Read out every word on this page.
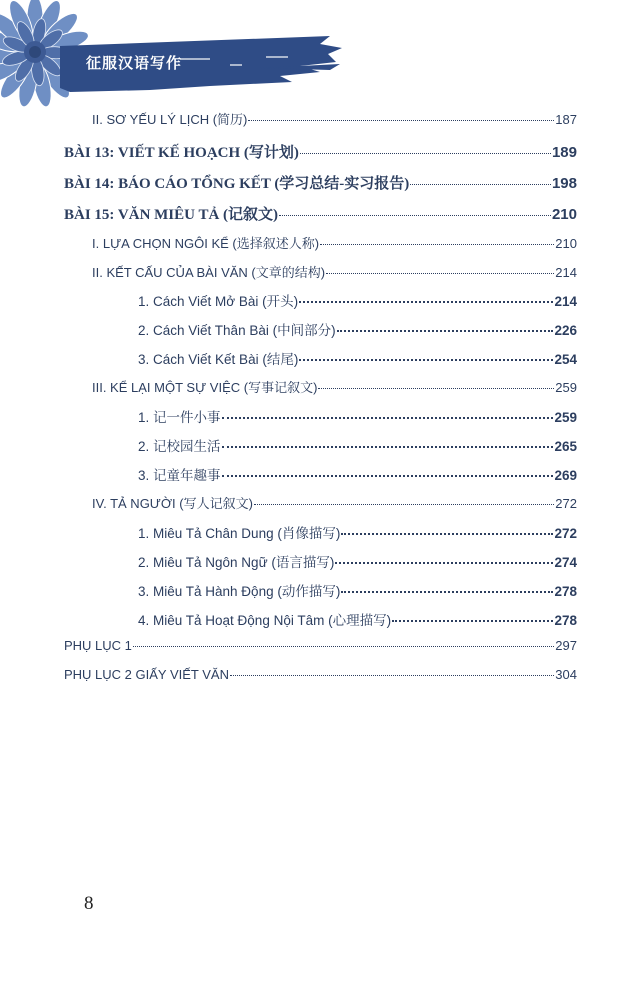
征服汉语写作
II. SƠ YẾU LÝ LỊCH (简历)	187
BÀI 13: VIẾT KẾ HOẠCH (写计划)	189
BÀI 14: BÁO CÁO TỔNG KẾT (学习总结-实习报告)	198
BÀI 15: VĂN MIÊU TẢ (记叙文)	210
I. LỰA CHỌN NGÔI KỂ (选择叙述人称)	210
II. KẾT CẤU CỦA BÀI VĂN (文章的结构)	214
1. Cách Viết Mở Bài (开头)	214
2. Cách Viết Thân Bài (中间部分)	226
3. Cách Viết Kết Bài (结尾)	254
III. KỂ LẠI MỘT SỰ VIỆC (写事记叙文)	259
1. 记一件小事	259
2. 记校园生活	265
3. 记童年趣事	269
IV. TẢ NGƯỜI (写人记叙文)	272
1. Miêu Tả Chân Dung (肖像描写)	272
2. Miêu Tả Ngôn Ngữ (语言描写)	274
3. Miêu Tả Hành Động (动作描写)	278
4. Miêu Tả Hoạt Động Nội Tâm (心理描写)	278
PHỤ LỤC 1	297
PHỤ LỤC 2 GIẤY VIẾT VĂN	304
8
